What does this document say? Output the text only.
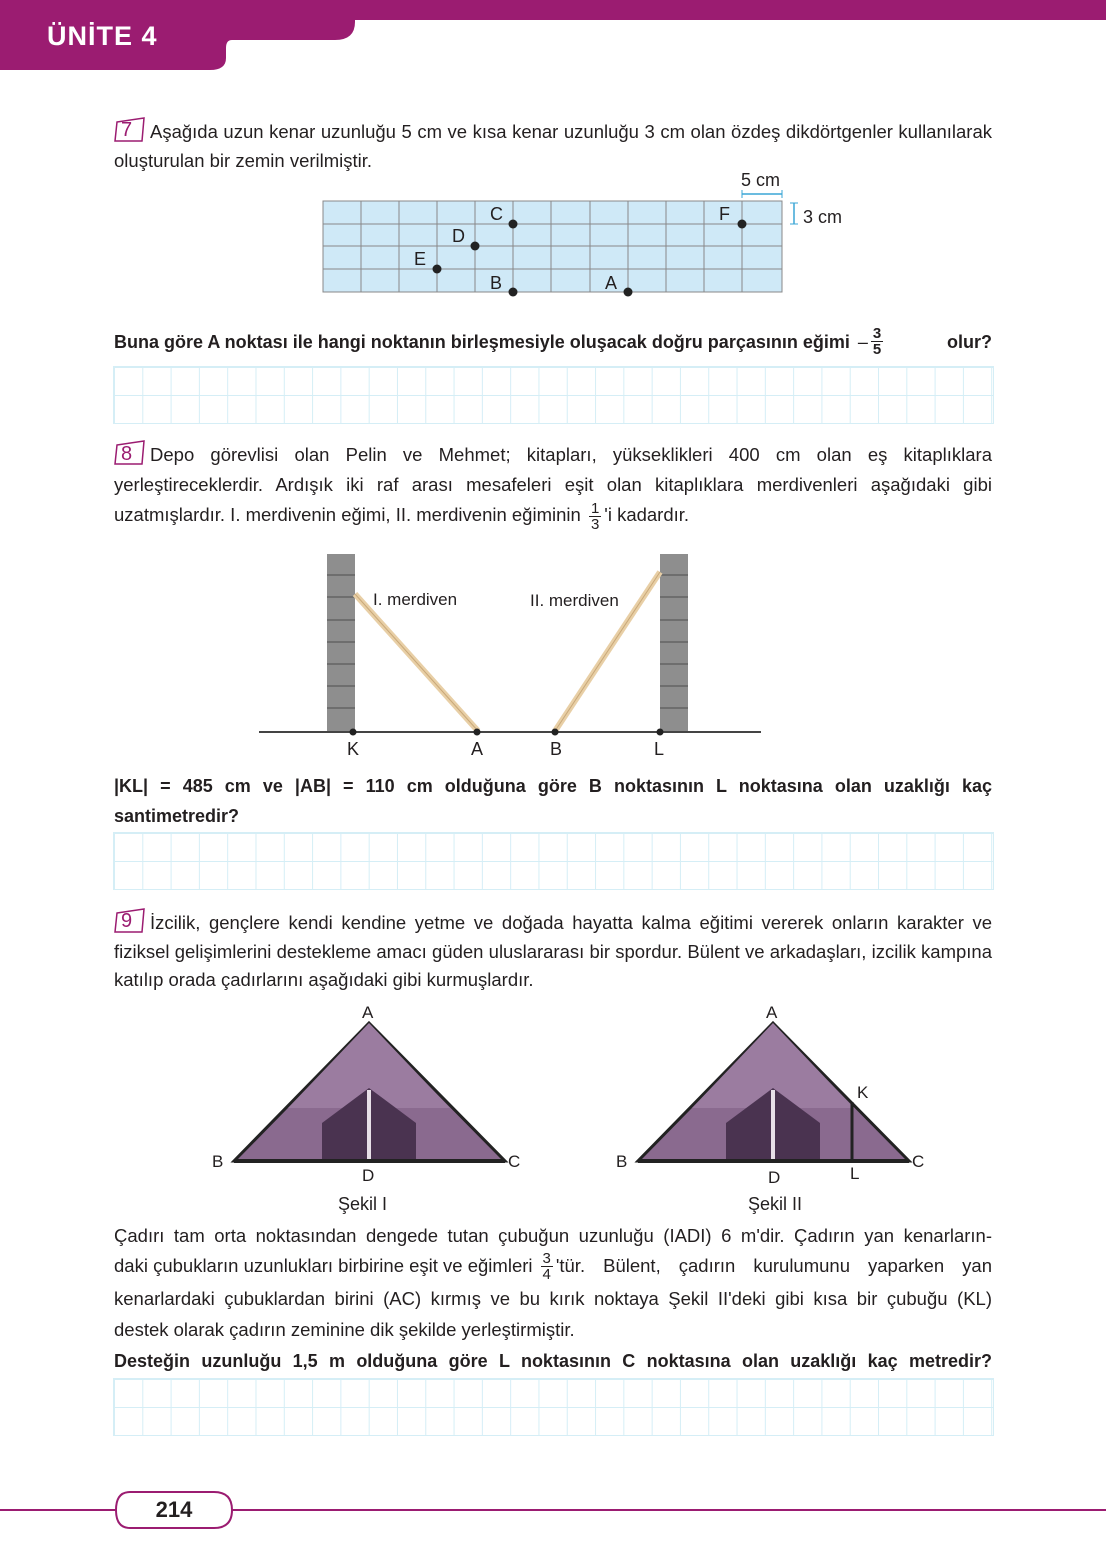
ÜNİTE 4

7 Aşağıda uzun kenar uzunluğu 5 cm ve kısa kenar uzunluğu 3 cm olan özdeş dikdörtgenler kullanılarak oluşturulan bir zemin verilmiştir.

5 cm
3 cm
C
D
E
B	A
F
Buna göre A noktası ile hangi noktanın birleşmesiyle oluşacak doğru parçasının eğimi – $\frac{3}{5}$	olur?

8 Depo görevlisi olan Pelin ve Mehmet; kitapları, yükseklikleri 400 cm olan eş kitaplıklara yerleştireceklerdir. Ardışık iki raf arası mesafeleri eşit olan kitaplıklara merdivenleri aşağıdaki gibi uzatmışlardır. I. merdivenin eğimi, II. merdivenin eğiminin $\frac{1}{3}$ 'i kadardır.

I. merdiven	II. merdiven
K	A	B	L
|KL| = 485 cm ve |AB| = 110 cm olduğuna göre B noktasının L noktasına olan uzaklığı kaç
santimetredir?

9 İzcilik, gençlere kendi kendine yetme ve doğada hayatta kalma eğitimi vererek onların karakter ve fiziksel gelişimlerini destekleme amacı güden uluslararası bir spordur. Bülent ve arkadaşları, izcilik kampına katılıp orada çadırlarını aşağıdaki gibi kurmuşlardır.

A
B	C
D
Şekil I
A
B	C
D
K
L
Şekil II
Çadırı tam orta noktasından dengede tutan çubuğun uzunluğu (IADI) 6 m'dir. Çadırın yan kenarların-
daki çubukların uzunlukları birbirine eşit ve eğimleri $\frac{3}{4}$ 'tür. Bülent, çadırın kurulumunu yaparken yan
kenarlardaki çubuklardan birini (AC) kırmış ve bu kırık noktaya Şekil II'deki gibi kısa bir çubuğu (KL)
destek olarak çadırın zeminine dik şekilde yerleştirmiştir.
Desteğin uzunluğu 1,5 m olduğuna göre L noktasının C noktasına olan uzaklığı kaç metredir?
214
